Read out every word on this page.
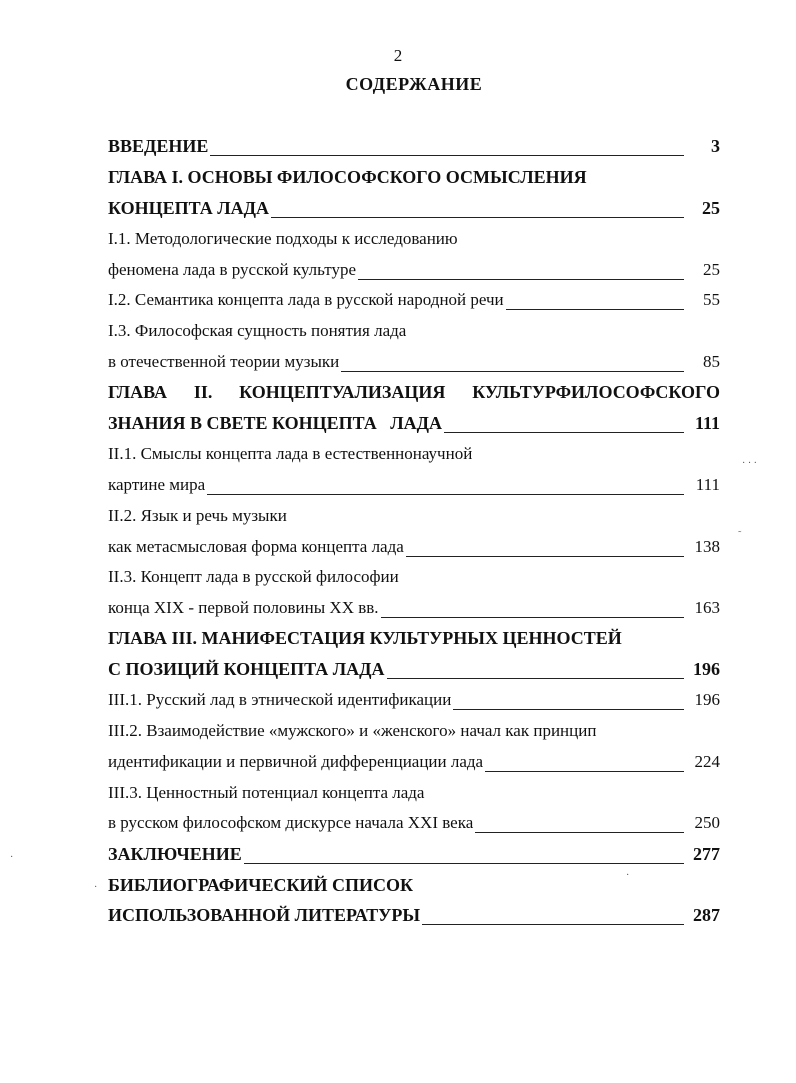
2
СОДЕРЖАНИЕ
ВВЕДЕНИЕ	3
ГЛАВА I. ОСНОВЫ ФИЛОСОФСКОГО ОСМЫСЛЕНИЯ
КОНЦЕПТА ЛАДА	25
I.1. Методологические подходы к исследованию
феномена лада в русской культуре	25
I.2. Семантика концепта лада в русской народной речи	55
I.3. Философская сущность понятия лада
в отечественной теории музыки	85
ГЛАВА II. КОНЦЕПТУАЛИЗАЦИЯ КУЛЬТУРФИЛОСОФСКОГО
ЗНАНИЯ В СВЕТЕ КОНЦЕПТА   ЛАДА	111
II.1. Смыслы концепта лада в естественнонаучной
картине мира	111
II.2. Язык и речь музыки
как метасмысловая форма концепта лада	138
II.3. Концепт лада в русской философии
конца XIX - первой половины XX вв.	163
ГЛАВА III. МАНИФЕСТАЦИЯ КУЛЬТУРНЫХ ЦЕННОСТЕЙ
С ПОЗИЦИЙ КОНЦЕПТА ЛАДА	196
III.1. Русский лад в этнической идентификации	196
III.2. Взаимодействие «мужского» и «женского» начал как принцип
идентификации и первичной дифференциации лада	224
III.3. Ценностный потенциал концепта лада
в русском философском дискурсе начала XXI века	250
ЗАКЛЮЧЕНИЕ	277
БИБЛИОГРАФИЧЕСКИЙ СПИСОК
ИСПОЛЬЗОВАННОЙ ЛИТЕРАТУРЫ	287
· · ·
˜
·
·
·
